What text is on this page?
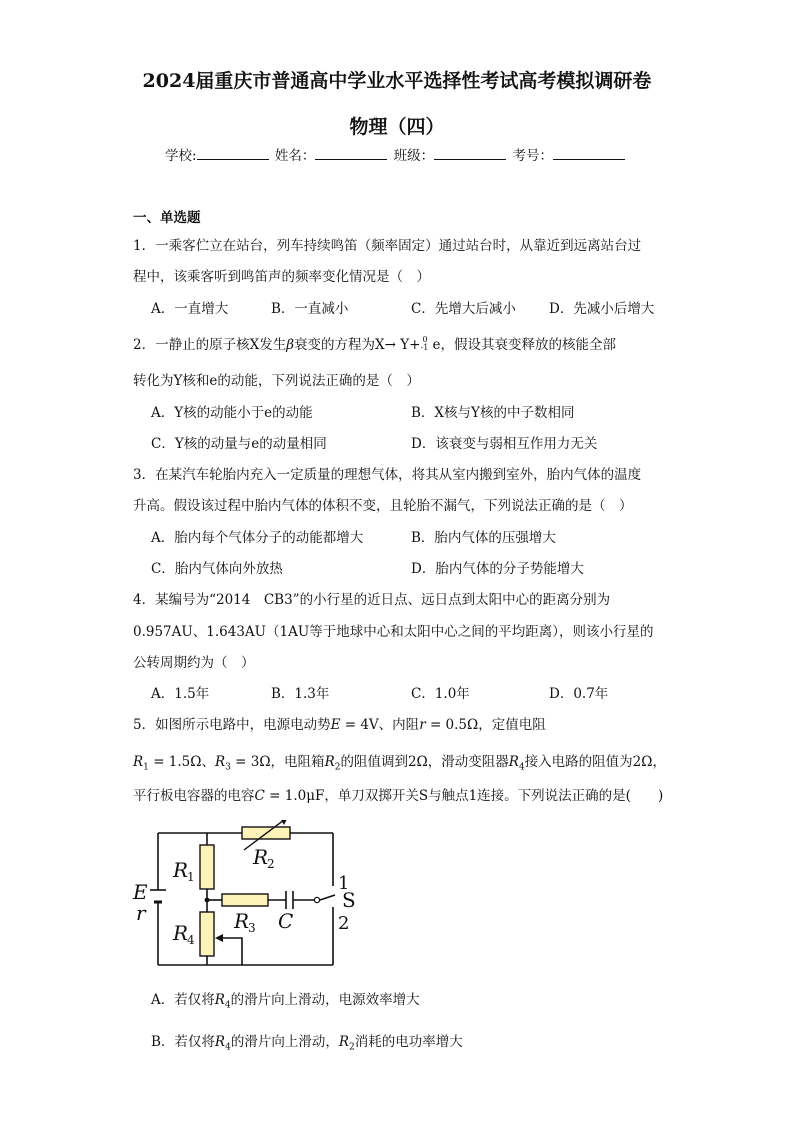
2024届重庆市普通高中学业水平选择性考试高考模拟调研卷
物理（四）
学校:	姓名：	班级：	考号：
一、单选题
1．一乘客伫立在站台，列车持续鸣笛（频率固定）通过站台时，从靠近到远离站台过
程中，该乘客听到鸣笛声的频率变化情况是（　）
A．一直增大	B．一直减小	C．先增大后减小 D．先减小后增大
2．一静止的原子核X发生β衰变的方程为X→ Y+ 0
-1 e，假设其衰变释放的核能全部
转化为Y核和e的动能，下列说法正确的是（　）
A．Y核的动能小于e的动能	B．X核与Y核的中子数相同
C．Y核的动量与e的动量相同	D．该衰变与弱相互作用力无关
3．在某汽车轮胎内充入一定质量的理想气体，将其从室内搬到室外，胎内气体的温度
升高。假设该过程中胎内气体的体积不变，且轮胎不漏气，下列说法正确的是（　）
A．胎内每个气体分子的动能都增大	B．胎内气体的压强增大
C．胎内气体向外放热	D．胎内气体的分子势能增大
4．某编号为“2014　CB3”的小行星的近日点、远日点到太阳中心的距离分别为
0.957AU、1.643AU（1AU等于地球中心和太阳中心之间的平均距离），则该小行星的
公转周期约为（　）
A．1.5年	B．1.3年	C．1.0年	D．0.7年
5．如图所示电路中，电源电动势E = 4V、内阻r = 0.5Ω，定值电阻
$R_1 = 1.5\Omega$、$R_3 = 3\Omega$，电阻箱$R_2$的阻值调到2Ω，滑动变阻器$R_4$接入电路的阻值为2Ω，
平行板电容器的电容C = 1.0μF，单刀双掷开关S与触点1连接。下列说法正确的是(　　)
E
r
R
R
R
R	C
1
2
3
4
S
1
2
A．若仅将$R_4$的滑片向上滑动，电源效率增大
B．若仅将$R_4$的滑片向上滑动，$R_2$消耗的电功率增大
